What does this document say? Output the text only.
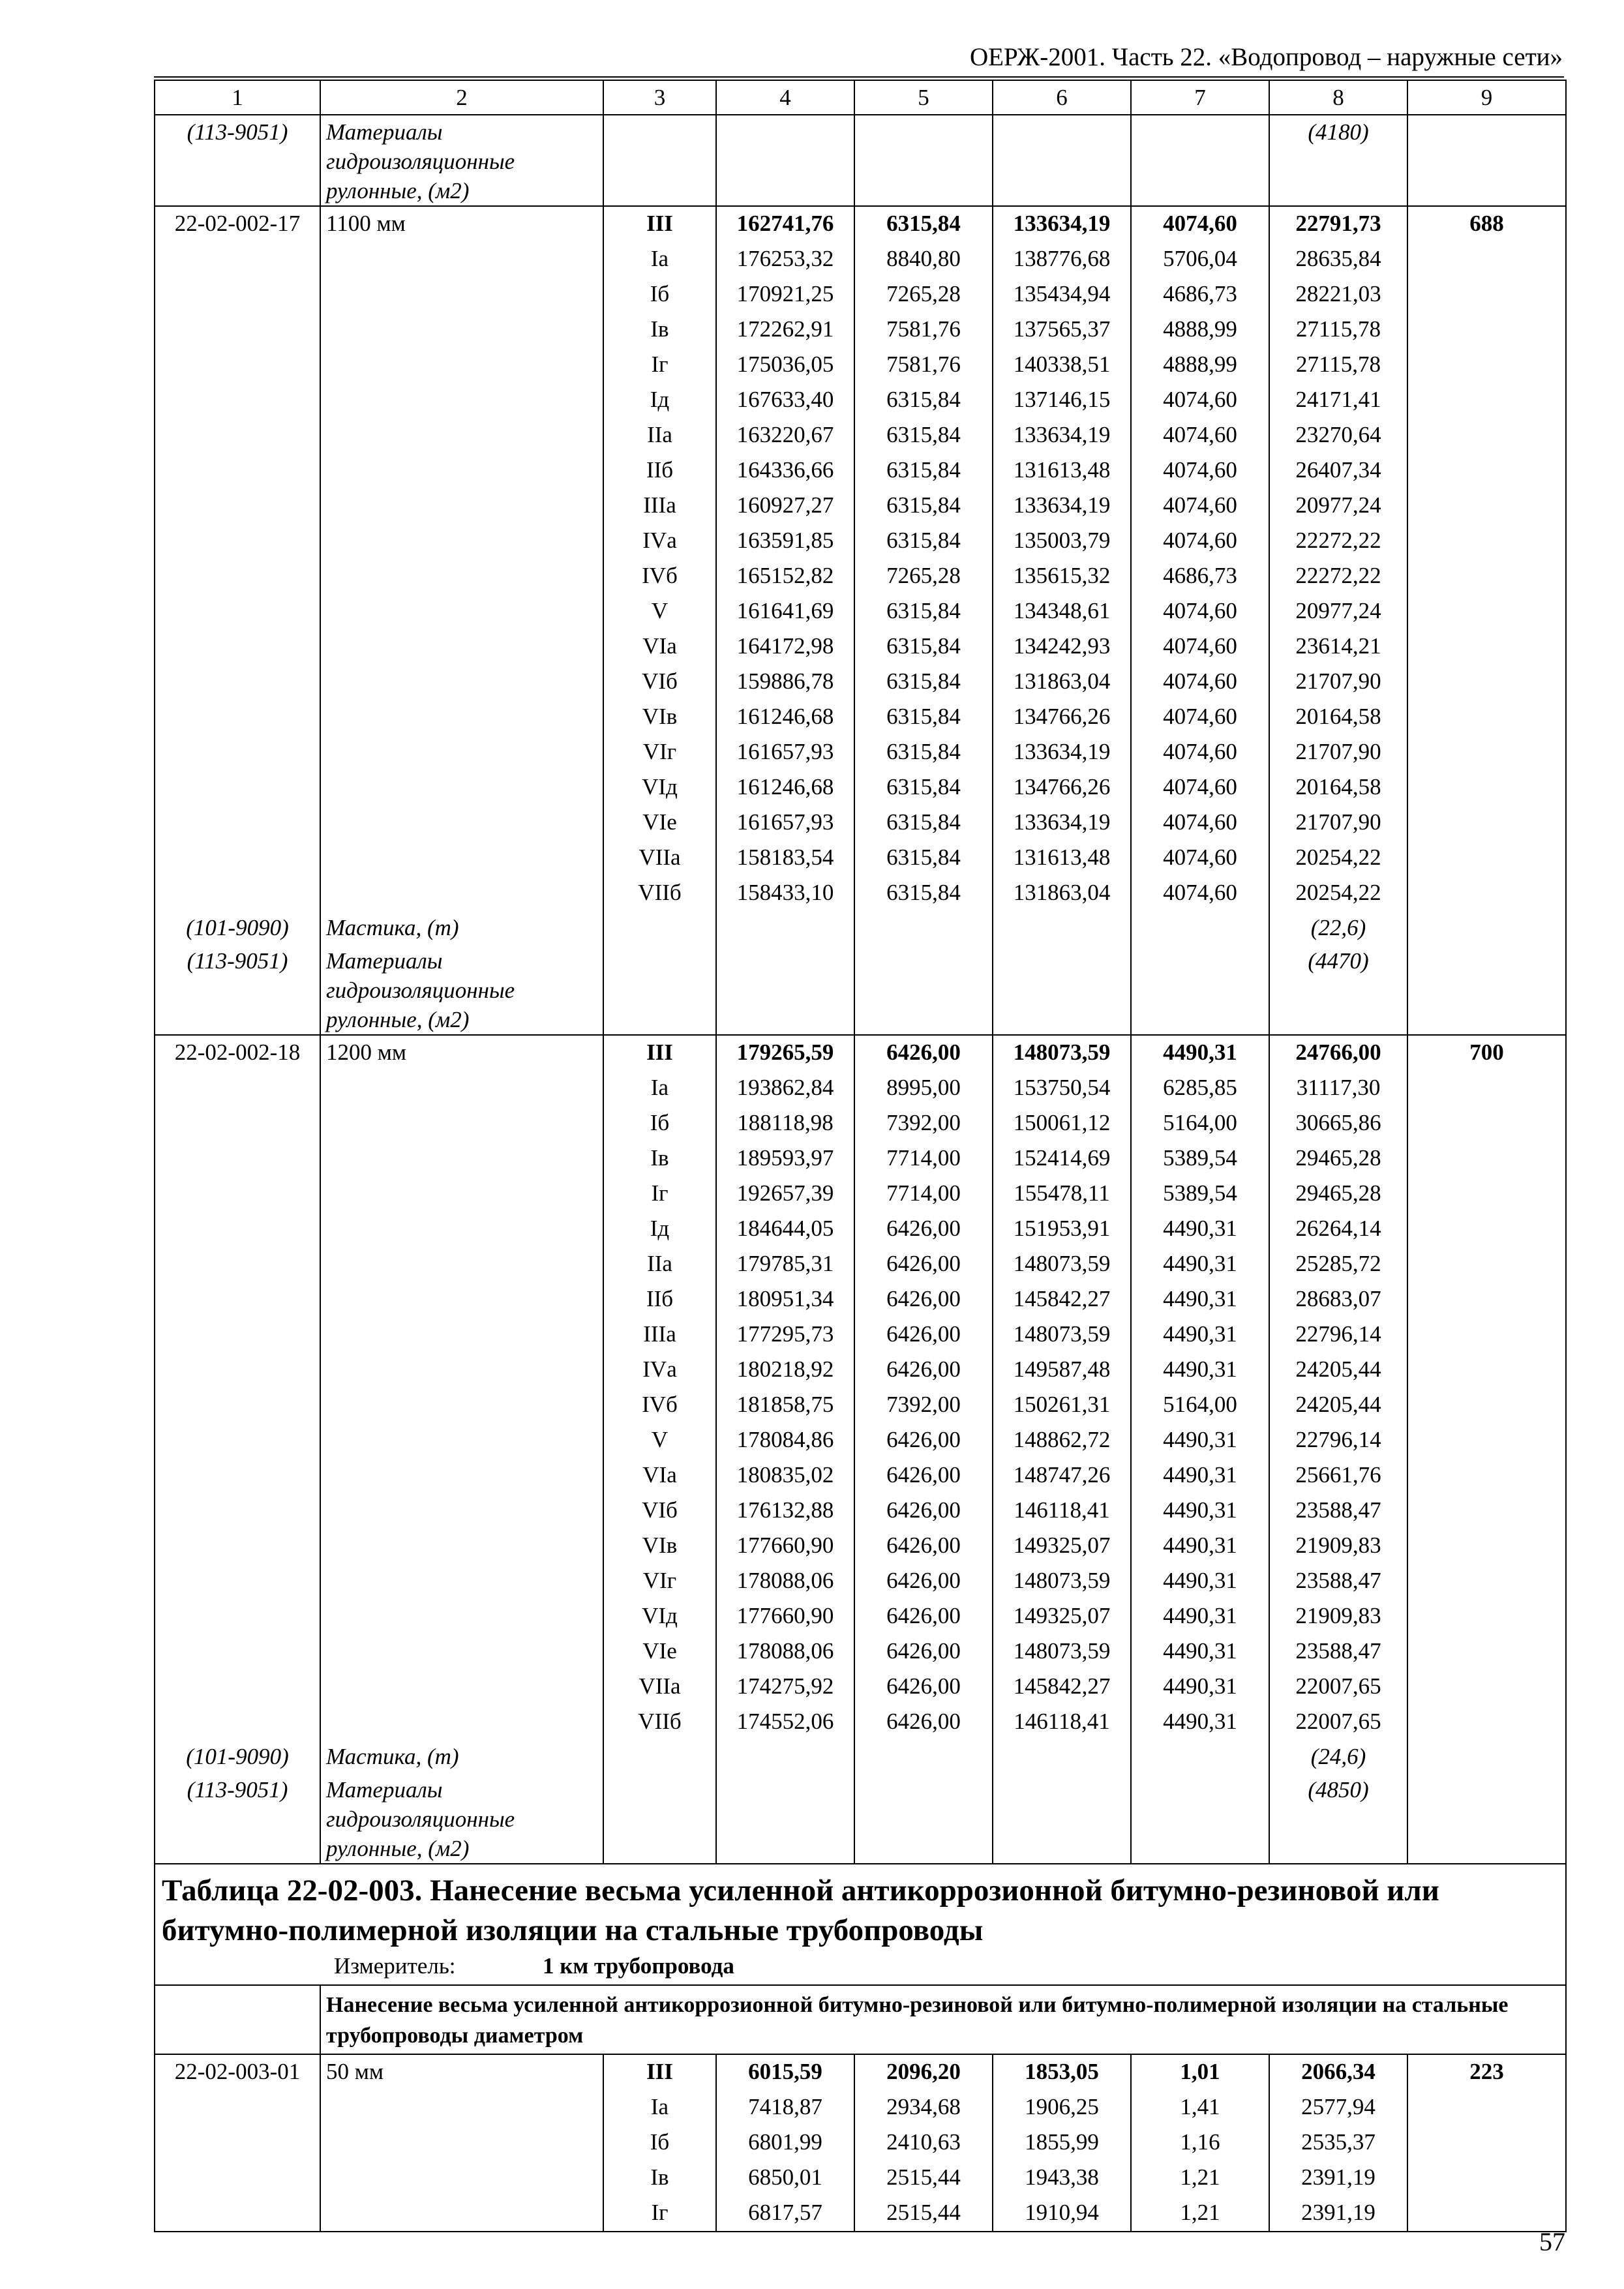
ОЕРЖ-2001. Часть 22. «Водопровод – наружные сети»
1	2	3	4	5	6	7	8	9
(113-9051)	Материалы гидроизоляционные рулонные, (м2)						(4180)	
22-02-002-17	1100 мм	III	162741,76	6315,84	133634,19	4074,60	22791,73	688
		Iа	176253,32	8840,80	138776,68	5706,04	28635,84	
		Iб	170921,25	7265,28	135434,94	4686,73	28221,03	
		Iв	172262,91	7581,76	137565,37	4888,99	27115,78	
		Iг	175036,05	7581,76	140338,51	4888,99	27115,78	
		Iд	167633,40	6315,84	137146,15	4074,60	24171,41	
		IIа	163220,67	6315,84	133634,19	4074,60	23270,64	
		IIб	164336,66	6315,84	131613,48	4074,60	26407,34	
		IIIа	160927,27	6315,84	133634,19	4074,60	20977,24	
		IVа	163591,85	6315,84	135003,79	4074,60	22272,22	
		IVб	165152,82	7265,28	135615,32	4686,73	22272,22	
		V	161641,69	6315,84	134348,61	4074,60	20977,24	
		VIа	164172,98	6315,84	134242,93	4074,60	23614,21	
		VIб	159886,78	6315,84	131863,04	4074,60	21707,90	
		VIв	161246,68	6315,84	134766,26	4074,60	20164,58	
		VIг	161657,93	6315,84	133634,19	4074,60	21707,90	
		VIд	161246,68	6315,84	134766,26	4074,60	20164,58	
		VIе	161657,93	6315,84	133634,19	4074,60	21707,90	
		VIIа	158183,54	6315,84	131613,48	4074,60	20254,22	
		VIIб	158433,10	6315,84	131863,04	4074,60	20254,22	
(101-9090)	Мастика, (т)						(22,6)	
(113-9051)	Материалы гидроизоляционные рулонные, (м2)						(4470)	
22-02-002-18	1200 мм	III	179265,59	6426,00	148073,59	4490,31	24766,00	700
		Iа	193862,84	8995,00	153750,54	6285,85	31117,30	
		Iб	188118,98	7392,00	150061,12	5164,00	30665,86	
		Iв	189593,97	7714,00	152414,69	5389,54	29465,28	
		Iг	192657,39	7714,00	155478,11	5389,54	29465,28	
		Iд	184644,05	6426,00	151953,91	4490,31	26264,14	
		IIа	179785,31	6426,00	148073,59	4490,31	25285,72	
		IIб	180951,34	6426,00	145842,27	4490,31	28683,07	
		IIIа	177295,73	6426,00	148073,59	4490,31	22796,14	
		IVа	180218,92	6426,00	149587,48	4490,31	24205,44	
		IVб	181858,75	7392,00	150261,31	5164,00	24205,44	
		V	178084,86	6426,00	148862,72	4490,31	22796,14	
		VIа	180835,02	6426,00	148747,26	4490,31	25661,76	
		VIб	176132,88	6426,00	146118,41	4490,31	23588,47	
		VIв	177660,90	6426,00	149325,07	4490,31	21909,83	
		VIг	178088,06	6426,00	148073,59	4490,31	23588,47	
		VIд	177660,90	6426,00	149325,07	4490,31	21909,83	
		VIе	178088,06	6426,00	148073,59	4490,31	23588,47	
		VIIа	174275,92	6426,00	145842,27	4490,31	22007,65	
		VIIб	174552,06	6426,00	146118,41	4490,31	22007,65	
(101-9090)	Мастика, (т)						(24,6)	
(113-9051)	Материалы гидроизоляционные рулонные, (м2)						(4850)	

Таблица 22-02-003. Нанесение весьма усиленной антикоррозионной битумно-резиновой или битумно-полимерной изоляции на стальные трубопроводы
Измеритель: 1 км трубопровода								

	Нанесение весьма усиленной антикоррозионной битумно-резиновой или битумно-полимерной изоляции на стальные трубопроводы диаметром							
22-02-003-01	50 мм	III	6015,59	2096,20	1853,05	1,01	2066,34	223
		Iа	7418,87	2934,68	1906,25	1,41	2577,94	
		Iб	6801,99	2410,63	1855,99	1,16	2535,37	
		Iв	6850,01	2515,44	1943,38	1,21	2391,19	
		Iг	6817,57	2515,44	1910,94	1,21	2391,19	
57
